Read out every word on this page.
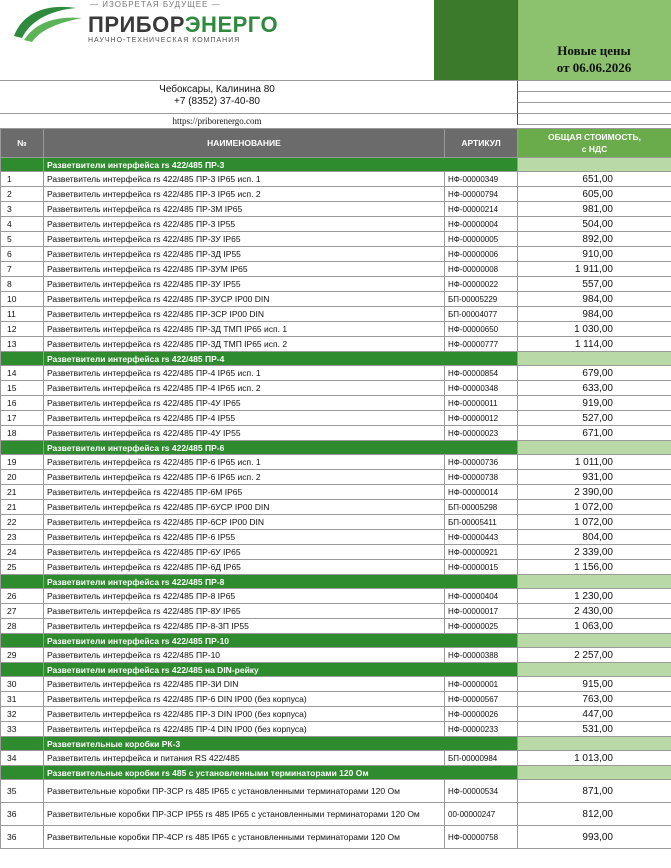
— ИЗОБРЕТАЯ БУДУЩЕЕ —
ПРИБОРЭНЕРГО
НАУЧНО-ТЕХНИЧЕСКАЯ КОМПАНИЯ
Новые цены
от 06.06.2026
Чебоксары, Калинина 80
+7 (8352) 37-40-80
https://priborenergo.com
№	НАИМЕНОВАНИЕ	АРТИКУЛ	ОБЩАЯ СТОИМОСТЬ,
с НДС

	Разветвители интерфейса rs 422/485 ПР-3		
1	Разветвитель интерфейса rs 422/485 ПР-3 IP65 исп. 1	НФ-00000349	651,00
2	Разветвитель интерфейса rs 422/485 ПР-3 IP65 исп. 2	НФ-00000794	605,00
3	Разветвитель интерфейса rs 422/485 ПР-3М IP65	НФ-00000214	981,00
4	Разветвитель интерфейса rs 422/485 ПР-3 IP55	НФ-00000004	504,00
5	Разветвитель интерфейса rs 422/485 ПР-3У IP65	НФ-00000005	892,00
6	Разветвитель интерфейса rs 422/485 ПР-3Д IP55	НФ-00000006	910,00
7	Разветвитель интерфейса rs 422/485 ПР-3УМ IP65	НФ-00000008	1 911,00
8	Разветвитель интерфейса rs 422/485 ПР-3У IP55	НФ-00000022	557,00
10	Разветвитель интерфейса rs 422/485 ПР-3УСР IP00 DIN	БП-00005229	984,00
11	Разветвитель интерфейса rs 422/485 ПР-3СР IP00 DIN	БП-00004077	984,00
12	Разветвитель интерфейса rs 422/485 ПР-3Д ТМП IP65 исп. 1	НФ-00000650	1 030,00
13	Разветвитель интерфейса rs 422/485 ПР-3Д ТМП IP65 исп. 2	НФ-00000777	1 114,00
	Разветвители интерфейса rs 422/485 ПР-4		
14	Разветвитель интерфейса rs 422/485 ПР-4 IP65 исп. 1	НФ-00000854	679,00
15	Разветвитель интерфейса rs 422/485 ПР-4 IP65 исп. 2	НФ-00000348	633,00
16	Разветвитель интерфейса rs 422/485 ПР-4У IP65	НФ-00000011	919,00
17	Разветвитель интерфейса rs 422/485 ПР-4 IP55	НФ-00000012	527,00
18	Разветвитель интерфейса rs 422/485 ПР-4У IP55	НФ-00000023	671,00
	Разветвители интерфейса rs 422/485 ПР-6		
19	Разветвитель интерфейса rs 422/485 ПР-6 IP65 исп. 1	НФ-00000736	1 011,00
20	Разветвитель интерфейса rs 422/485 ПР-6 IP65 исп. 2	НФ-00000738	931,00
21	Разветвитель интерфейса rs 422/485 ПР-6М IP65	НФ-00000014	2 390,00
21	Разветвитель интерфейса rs 422/485 ПР-6УСР IP00 DIN	БП-00005298	1 072,00
22	Разветвитель интерфейса rs 422/485 ПР-6СР IP00 DIN	БП-00005411	1 072,00
23	Разветвитель интерфейса rs 422/485 ПР-6 IP55	НФ-00000443	804,00
24	Разветвитель интерфейса rs 422/485 ПР-6У IP65	НФ-00000921	2 339,00
25	Разветвитель интерфейса rs 422/485 ПР-6Д IP65	НФ-00000015	1 156,00
	Разветвители интерфейса rs 422/485 ПР-8		
26	Разветвитель интерфейса rs 422/485 ПР-8 IP65	НФ-00000404	1 230,00
27	Разветвитель интерфейса rs 422/485 ПР-8У IP65	НФ-00000017	2 430,00
28	Разветвитель интерфейса rs 422/485 ПР-8-3П IP55	НФ-00000025	1 063,00
	Разветвители интерфейса rs 422/485 ПР-10		
29	Разветвитель интерфейса rs 422/485 ПР-10	НФ-00000388	2 257,00
	Разветвители интерфейса rs 422/485 на DIN-рейку		
30	Разветвитель интерфейса rs 422/485 ПР-3И DIN	НФ-00000001	915,00
31	Разветвитель интерфейса rs 422/485 ПР-6 DIN IP00 (без корпуса)	НФ-00000567	763,00
32	Разветвитель интерфейса rs 422/485 ПР-3 DIN IP00 (без корпуса)	НФ-00000026	447,00
33	Разветвитель интерфейса rs 422/485 ПР-4 DIN IP00 (без корпуса)	НФ-00000233	531,00
	Разветвительные коробки РК-3		
34	Разветвитель интерфейса и питания RS 422/485	БП-00000984	1 013,00
	Разветвительные коробки rs 485 с установленными терминаторами 120 Ом		
35	Разветвительные коробки ПР-3СР rs 485 IP65 с установленными терминаторами 120 Ом	НФ-00000534	871,00
36	Разветвительные коробки ПР-3СР IP55 rs 485 IP65 с установленными терминаторами 120 Ом	00-00000247	812,00
36	Разветвительные коробки ПР-4СР rs 485 IP65 с установленными терминаторами 120 Ом	НФ-00000758	993,00
